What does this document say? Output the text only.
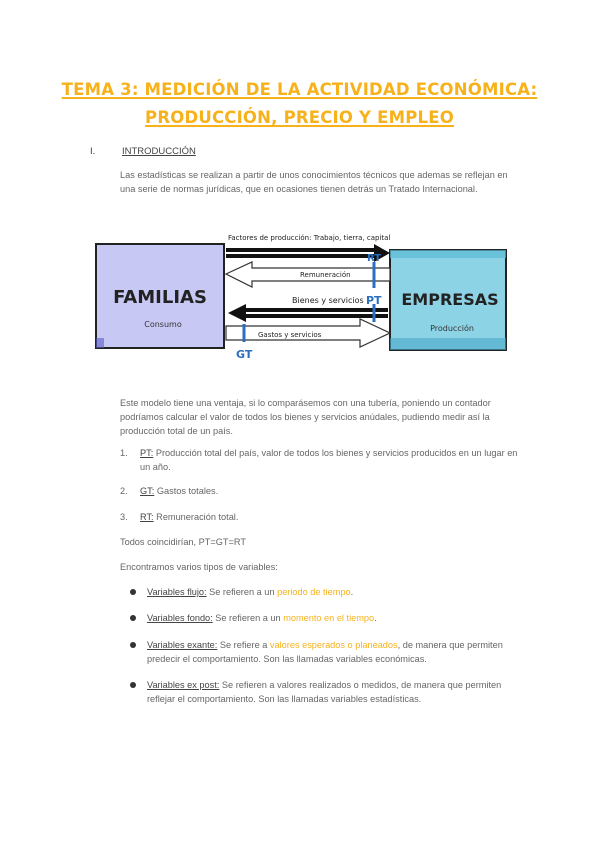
TEMA 3: MEDICIÓN DE LA ACTIVIDAD ECONÓMICA:
PRODUCCIÓN, PRECIO Y EMPLEO
I.	INTRODUCCIÓN
Las estadísticas se realizan a partir de unos conocimientos técnicos que ademas se reflejan en una serie de normas jurídicas, que en ocasiones tienen detrás un Tratado Internacional.
FAMILIAS
Consumo
EMPRESAS
Producción
Factores de producción: Trabajo, tierra, capital
Remuneración
Bienes y servicios
Gastos y servicios
RT
PT
GT
Este modelo tiene una ventaja, si lo comparásemos con una tubería, poniendo un contador podríamos calcular el valor de todos los bienes y servicios anúdales, pudiendo medir así la producción total de un país.
1. PT: Producción total del país, valor de todos los bienes y servicios producidos en un lugar en un año.
2. GT: Gastos totales.
3. RT: Remuneración total.
Todos coincidirían, PT=GT=RT
Encontramos varios tipos de variables:
Variables flujo: Se refieren a un periodo de tiempo.
Variables fondo: Se refieren a un momento en el tiempo.
Variables exante: Se refiere a valores esperados o planeados, de manera que permiten predecir el comportamiento. Son las llamadas variables económicas.
Variables ex post: Se refieren a valores realizados o medidos, de manera que permiten reflejar el comportamiento. Son las llamadas variables estadísticas.
